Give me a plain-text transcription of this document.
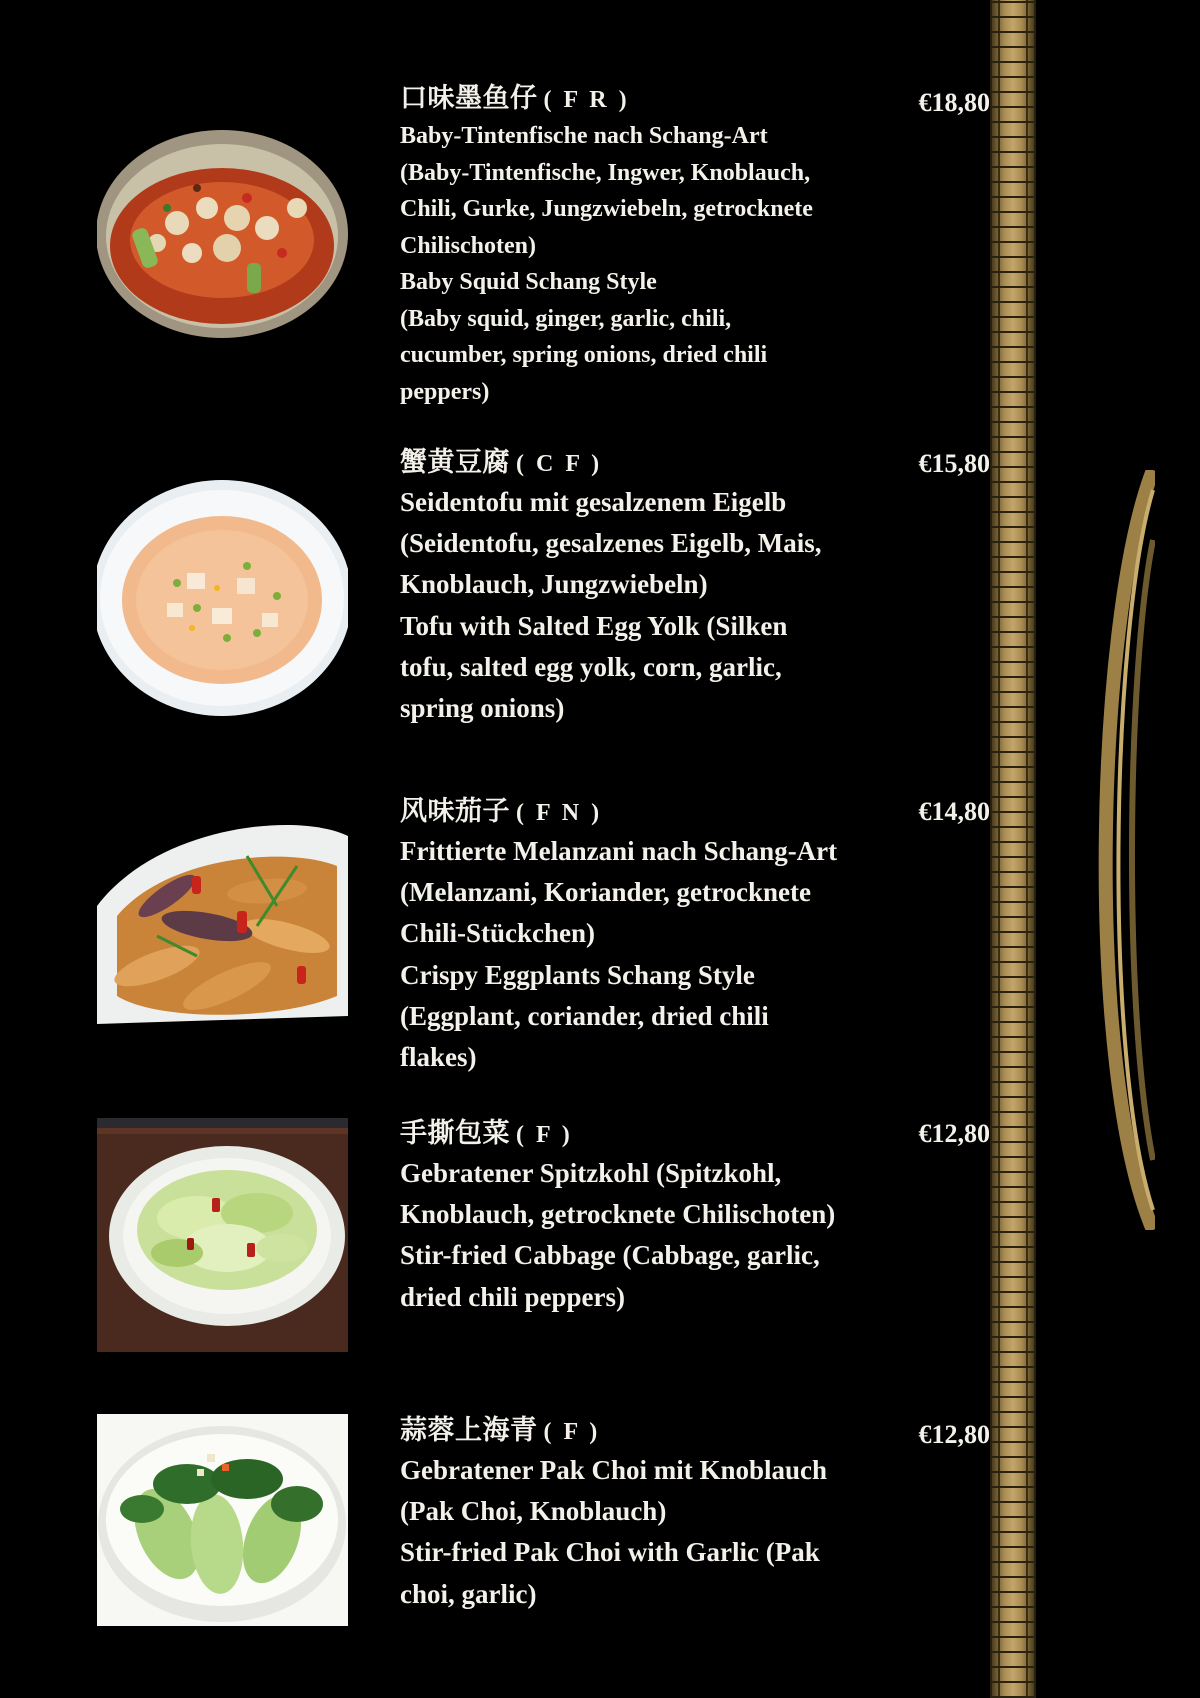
口味墨鱼仔 ( F R )
Baby-Tintenfische nach Schang-Art
(Baby-Tintenfische, Ingwer, Knoblauch,
Chili, Gurke, Jungzwiebeln, getrocknete
Chilischoten)
Baby Squid Schang Style
(Baby squid, ginger, garlic, chili,
cucumber, spring onions, dried chili
peppers)
€18,80
蟹黄豆腐 ( C F )
Seidentofu mit gesalzenem Eigelb
(Seidentofu, gesalzenes Eigelb, Mais,
Knoblauch, Jungzwiebeln)
Tofu with Salted Egg Yolk (Silken
tofu, salted egg yolk, corn, garlic,
spring onions)
€15,80
风味茄子 ( F N )
Frittierte Melanzani nach Schang-Art
(Melanzani, Koriander, getrocknete
Chili-Stückchen)
Crispy Eggplants Schang Style
(Eggplant, coriander, dried chili
flakes)
€14,80
手撕包菜 ( F )
Gebratener Spitzkohl (Spitzkohl,
Knoblauch, getrocknete Chilischoten)
Stir-fried Cabbage (Cabbage, garlic,
dried chili peppers)
€12,80
蒜蓉上海青 ( F )
Gebratener Pak Choi mit Knoblauch
(Pak Choi, Knoblauch)
Stir-fried Pak Choi with Garlic (Pak
choi, garlic)
€12,80
